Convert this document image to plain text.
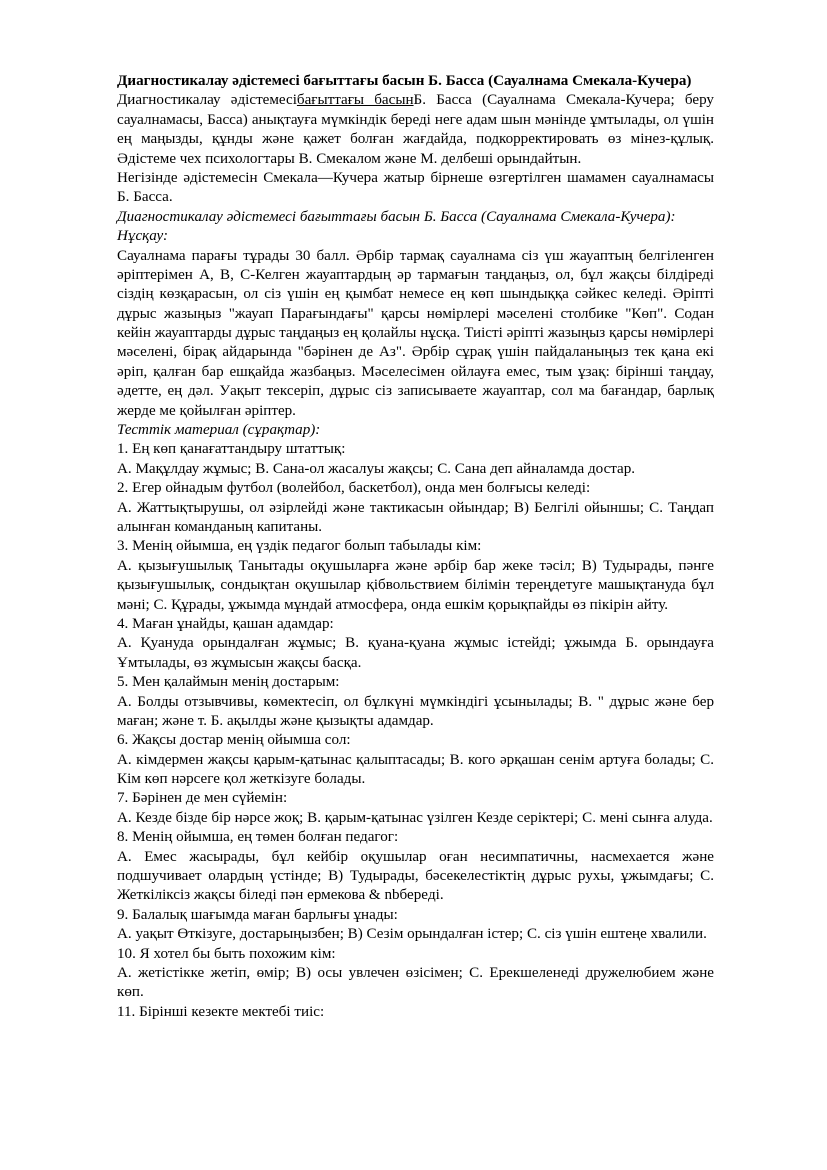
Диагностикалау әдістемесі бағыттағы басын Б. Басса (Сауалнама Смекала-Кучера)

Диагностикалау әдістемесібағыттағы басынБ. Басса (Сауалнама Смекала-Кучера; беру сауалнамасы, Басса) анықтауға мүмкіндік береді неге адам шын мәнінде ұмтылады, ол үшін ең маңызды, құнды және қажет болған жағдайда, подкорректировать өз мінез-құлық. Әдістеме чех психологтары В. Смекалом және М. делбеші орындайтын.

Негізінде әдістемесін Смекала—Кучера жатыр бірнеше өзгертілген шамамен сауалнамасы Б. Басса.

Диагностикалау әдістемесі бағыттағы басын Б. Басса (Сауалнама Смекала-Кучера):

Нұсқау:

Сауалнама парағы тұрады 30 балл. Әрбір тармақ сауалнама сіз үш жауаптың белгіленген әріптерімен А, В, С-Келген жауаптардың әр тармағын таңдаңыз, ол, бұл жақсы білдіреді сіздің көзқарасын, ол сіз үшін ең қымбат немесе ең көп шындыққа сәйкес келеді. Әріпті дұрыс жазыңыз "жауап Парағындағы" қарсы нөмірлері мәселені столбике "Көп". Содан кейін жауаптарды дұрыс таңдаңыз ең қолайлы нұсқа. Тиісті әріпті жазыңыз қарсы нөмірлері мәселені, бірақ айдарында "бәрінен де Аз". Әрбір сұрақ үшін пайдаланыңыз тек қана екі әріп, қалған бар ешқайда жазбаңыз. Мәселесімен ойлауға емес, тым ұзақ: бірінші таңдау, әдетте, ең дәл. Уақыт тексеріп, дұрыс сіз записываете жауаптар, сол ма бағандар, барлық жерде ме қойылған әріптер.

Тесттік материал (сұрақтар):

1. Ең көп қанағаттандыру штаттық:

А. Мақұлдау жұмыс; В. Сана-ол жасалуы жақсы; С. Сана деп айналамда достар.

2. Егер ойнадым футбол (волейбол, баскетбол), онда мен болғысы келеді:

А. Жаттықтырушы, ол әзірлейді және тактикасын ойындар; В) Белгілі ойыншы; С. Таңдап алынған команданың капитаны.

3. Менің ойымша, ең үздік педагог болып табылады кім:

А. қызығушылық Танытады оқушыларға және әрбір бар жеке тәсіл; В) Тудырады, пәнге қызығушылық, сондықтан оқушылар қібвольствием білімін тереңдетуге машықтануда бұл мәні; С. Құрады, ұжымда мұндай атмосфера, онда ешкім қорықпайды өз пікірін айту.

4. Маған ұнайды, қашан адамдар:

А. Қуануда орындалған жұмыс; В. қуана-қуана жұмыс істейді; ұжымда Б. орындауға Ұмтылады, өз жұмысын жақсы басқа.

5. Мен қалаймын менің достарым:

А. Болды отзывчивы, көмектесіп, ол бұлкүні мүмкіндігі ұсынылады; В. " дұрыс және бер маған; және т. Б. ақылды және қызықты адамдар.

6. Жақсы достар менің ойымша сол:

А. кімдермен жақсы қарым-қатынас қалыптасады; В. кого әрқашан сенім артуға болады; С. Кім көп нәрсеге қол жеткізуге болады.

7. Бәрінен де мен сүйемін:

А. Кезде бізде бір нәрсе жоқ; В. қарым-қатынас үзілген Кезде серіктері; С. мені сынға алуда.

8. Менің ойымша, ең төмен болған педагог:

А. Емес жасырады, бұл кейбір оқушылар оған несимпатичны, насмехается және подшучивает олардың үстінде; В) Тудырады, бәсекелестіктің дұрыс рухы, ұжымдағы; С. Жеткіліксіз жақсы біледі пән ермекова & nbберeді.

9. Балалық шағымда маған барлығы ұнады:

А. уақыт Өткізуге, достарыңызбен; В) Сезім орындалған істер; С. сіз үшін ештеңе хвалили.

10. Я хотел бы быть похожим кім:

А. жетістікке жетіп, өмір; В) осы увлечен өзісімен; С. Ерекшеленеді дружелюбием және көп.

11. Бірінші кезекте мектебі тиіс:
